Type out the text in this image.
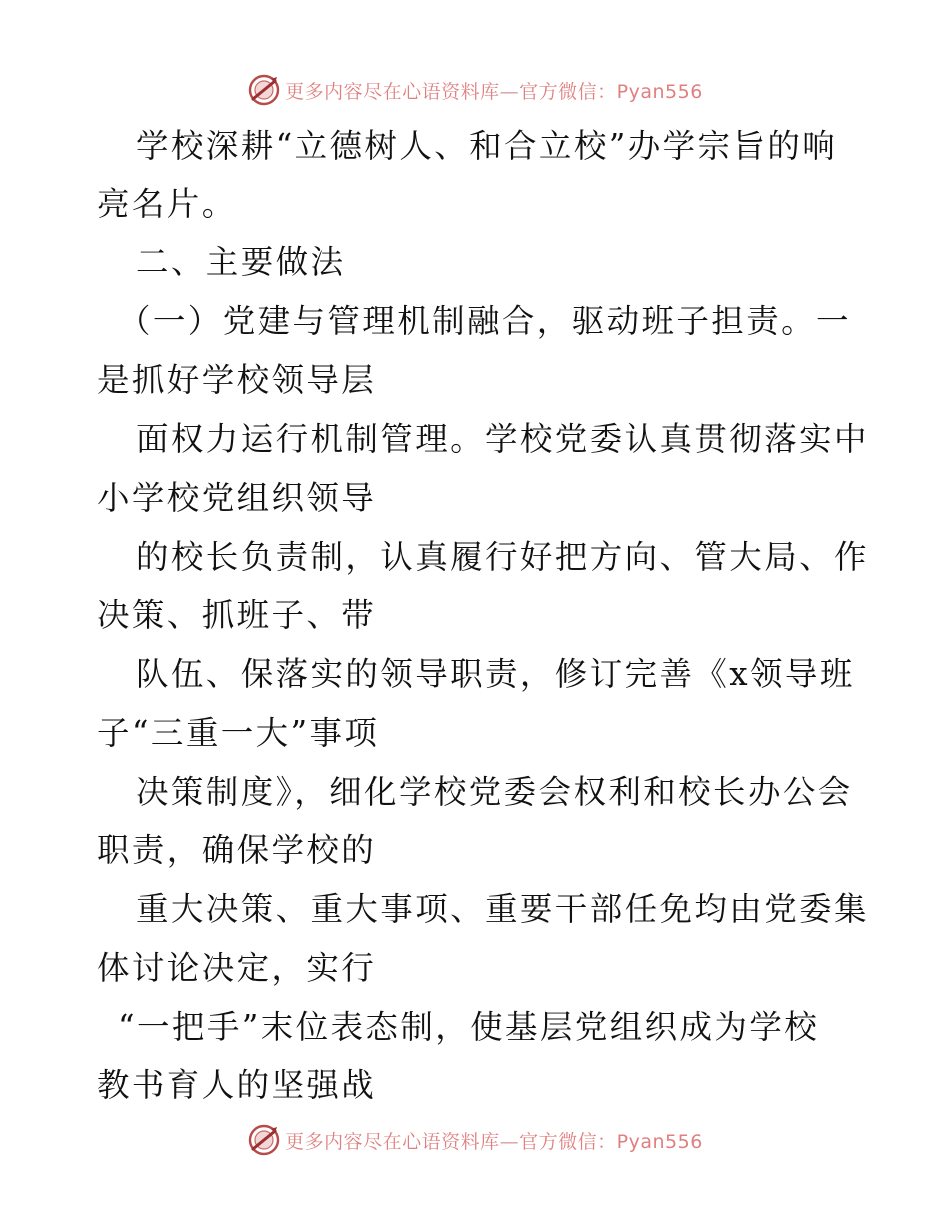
更多内容尽在心语资料库—官方微信：Pyan556
学校深耕“立德树人、和合立校”办学宗旨的响
亮名片。
二、主要做法
（一）党建与管理机制融合，驱动班子担责。一
是抓好学校领导层
面权力运行机制管理。学校党委认真贯彻落实中
小学校党组织领导
的校长负责制，认真履行好把方向、管大局、作
决策、抓班子、带
队伍、保落实的领导职责，修订完善《x领导班
子“三重一大”事项
决策制度》，细化学校党委会权利和校长办公会
职责，确保学校的
重大决策、重大事项、重要干部任免均由党委集
体讨论决定，实行
“一把手”末位表态制，使基层党组织成为学校
教书育人的坚强战
更多内容尽在心语资料库—官方微信：Pyan556
